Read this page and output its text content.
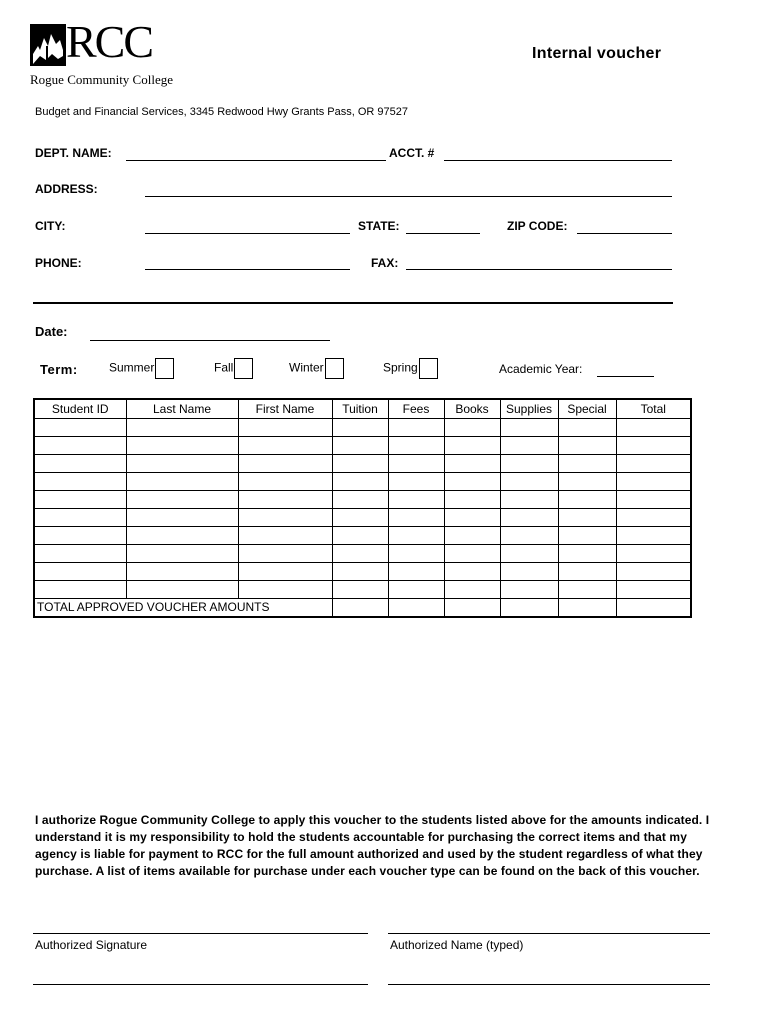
RCC
Rogue Community College
Internal voucher
Budget and Financial Services, 3345 Redwood Hwy Grants Pass, OR 97527
DEPT. NAME:	ACCT. #
ADDRESS:
CITY:	STATE:	ZIP CODE:
PHONE:	FAX:
Date:
Term:	Summer	Fall	Winter	Spring	Academic Year:
Student ID	Last Name	First Name	Tuition	Fees	Books	Supplies	Special	Total

TOTAL APPROVED VOUCHER AMOUNTS								
I authorize Rogue Community College to apply this voucher to the students listed above for the amounts indicated. I understand it is my responsibility to hold the students accountable for purchasing the correct items and that my agency is liable for payment to RCC for the full amount authorized and used by the student regardless of what they purchase. A list of items available for purchase under each voucher type can be found on the back of this voucher.
Authorized Signature	Authorized Name (typed)
